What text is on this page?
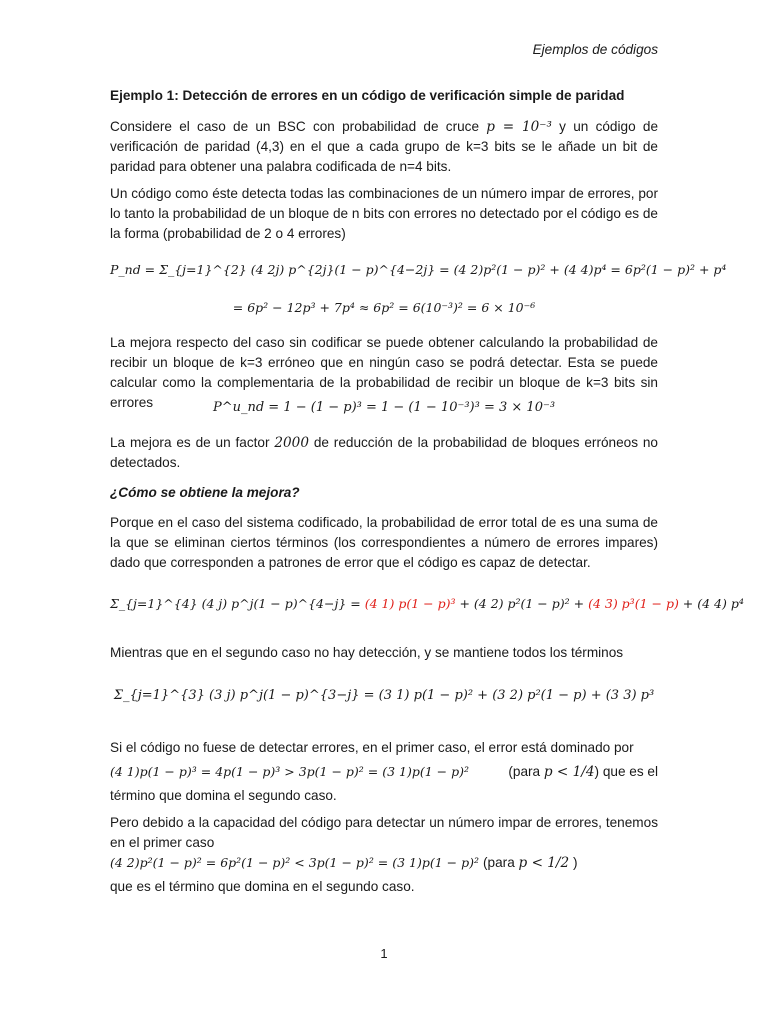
Ejemplos de códigos
Ejemplo 1: Detección de errores en un código de verificación simple de paridad
Considere el caso de un BSC con probabilidad de cruce p = 10⁻³ y un código de verificación de paridad (4,3) en el que a cada grupo de k=3 bits se le añade un bit de paridad para obtener una palabra codificada de n=4 bits.
Un código como éste detecta todas las combinaciones de un número impar de errores, por lo tanto la probabilidad de un bloque de n bits con errores no detectado por el código es de la forma (probabilidad de 2 o 4 errores)
P_nd = Σ_{j=1}^{2} (4 2j) p^{2j}(1 − p)^{4−2j} = (4 2)p²(1 − p)² + (4 4)p⁴ = 6p²(1 − p)² + p⁴
= 6p² − 12p³ + 7p⁴ ≈ 6p² = 6(10⁻³)² = 6 × 10⁻⁶
La mejora respecto del caso sin codificar se puede obtener calculando la probabilidad de recibir un bloque de k=3 erróneo que en ningún caso se podrá detectar. Esta se puede calcular como la complementaria de la probabilidad de recibir un bloque de k=3 bits sin errores	P^u_nd = 1 − (1 − p)³ = 1 − (1 − 10⁻³)³ = 3 × 10⁻³
La mejora es de un factor 2000 de reducción de la probabilidad de bloques erróneos no detectados.
¿Cómo se obtiene la mejora?
Porque en el caso del sistema codificado, la probabilidad de error total de es una suma de la que se eliminan ciertos términos (los correspondientes a número de errores impares) dado que corresponden a patrones de error que el código es capaz de detectar.
Σ_{j=1}^{4} (4 j) p^j(1 − p)^{4−j} = (4 1) p(1 − p)³ + (4 2) p²(1 − p)² + (4 3) p³(1 − p) + (4 4) p⁴
Mientras que en el segundo caso no hay detección, y se mantiene todos los términos
Σ_{j=1}^{3} (3 j) p^j(1 − p)^{3−j} = (3 1) p(1 − p)² + (3 2) p²(1 − p) + (3 3) p³
Si el código no fuese de detectar errores, en el primer caso, el error está dominado por
(4 1)p(1 − p)³ = 4p(1 − p)³ > 3p(1 − p)² = (3 1)p(1 − p)²	(para p < 1/4) que es el
término que domina el segundo caso.
Pero debido a la capacidad del código para detectar un número impar de errores, tenemos en el primer caso
(4 2)p²(1 − p)² = 6p²(1 − p)² < 3p(1 − p)² = (3 1)p(1 − p)² (para p < 1/2 )
que es el término que domina en el segundo caso.
1
